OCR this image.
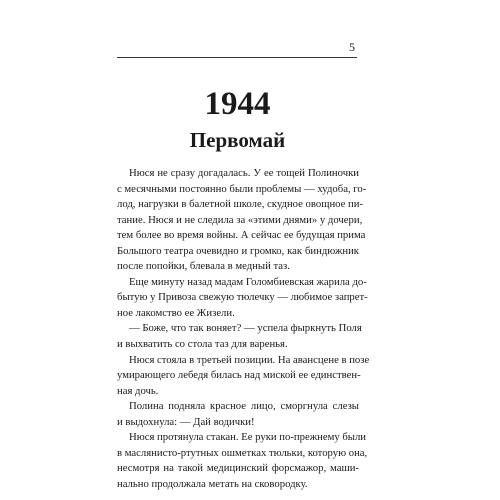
5
1944
Первомай

Нюся не сразу догадалась. У ее тощей Полиночки
с месячными постоянно были проблемы — худоба, го-
лод, нагрузки в балетной школе, скудное овощное пи-
тание. Нюся и не следила за «этими днями» у дочери,
тем более во время войны. А сейчас ее будущая прима
Большого театра очевидно и громко, как биндюжник
после попойки, блевала в медный таз.

Еще минуту назад мадам Голомбиевская жарила до-
бытую у Привоза свежую тюлечку — любимое запрет-
ное лакомство ее Жизели.

— Боже, что так воняет? — успела фыркнуть Поля
и выхватить со стола таз для варенья.

Нюся стояла в третьей позиции. На авансцене в позе
умирающего лебедя билась над миской ее единствен-
ная дочь.

Полина подняла красное лицо, сморгнула слезы
и выдохнула: — Дай водички!

Нюся протянула стакан. Ее руки по-прежнему были
в маслянисто-ртутных ошметках тюльки, которую она,
несмотря на такой медицинский форсмажор, маши-
нально продолжала метать на сковородку.
